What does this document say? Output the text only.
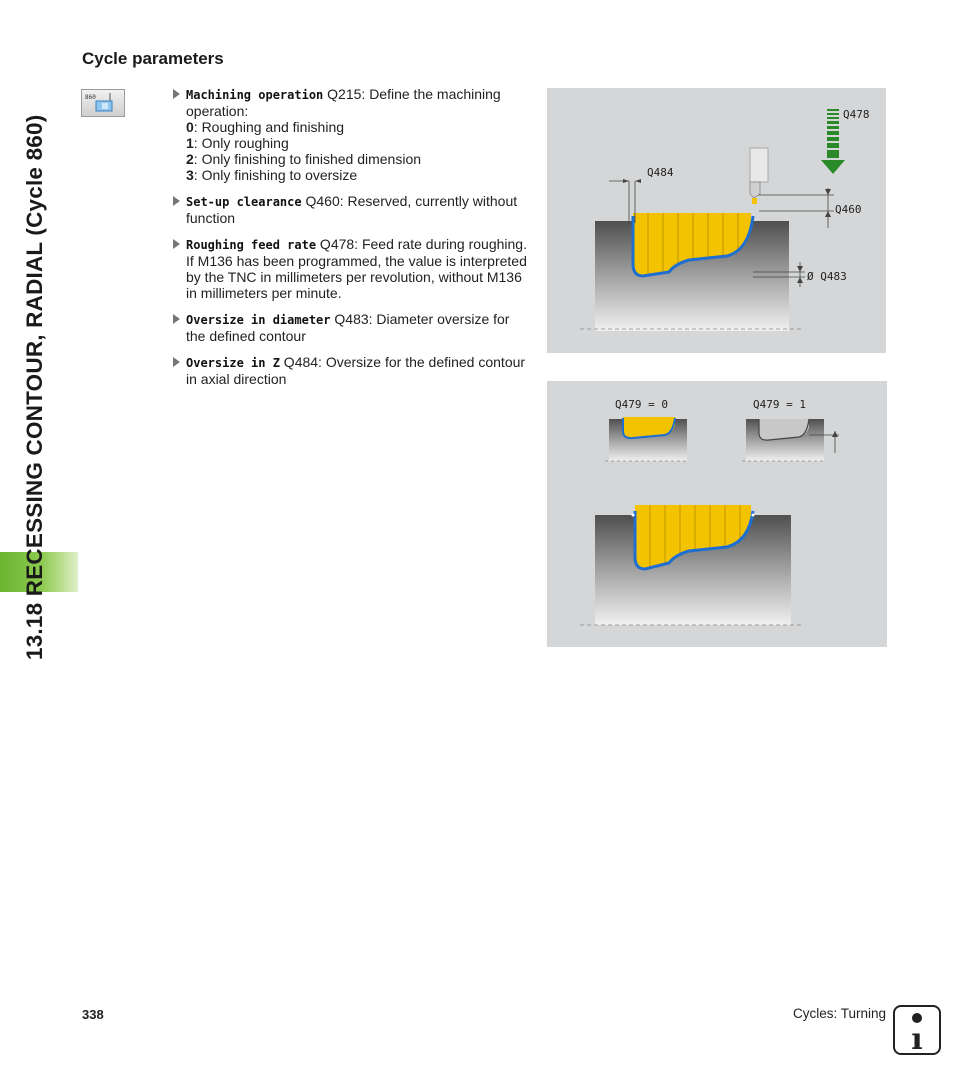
13.18 RECESSING CONTOUR, RADIAL (Cycle 860)
Cycle parameters
860	Machining operation Q215: Define the machining operation:
0: Roughing and finishing
1: Only roughing
2: Only finishing to finished dimension
3: Only finishing to oversize
Set-up clearance Q460: Reserved, currently without function
Roughing feed rate Q478: Feed rate during roughing. If M136 has been programmed, the value is interpreted by the TNC in millimeters per revolution, without M136 in millimeters per minute.
Oversize in diameter Q483: Diameter oversize for the defined contour
Oversize in Z Q484: Oversize for the defined contour in axial direction
Q478
Q484
Q460
Ø Q483
Q479 = 0	Q479 = 1
338	Cycles: Turning
ı
